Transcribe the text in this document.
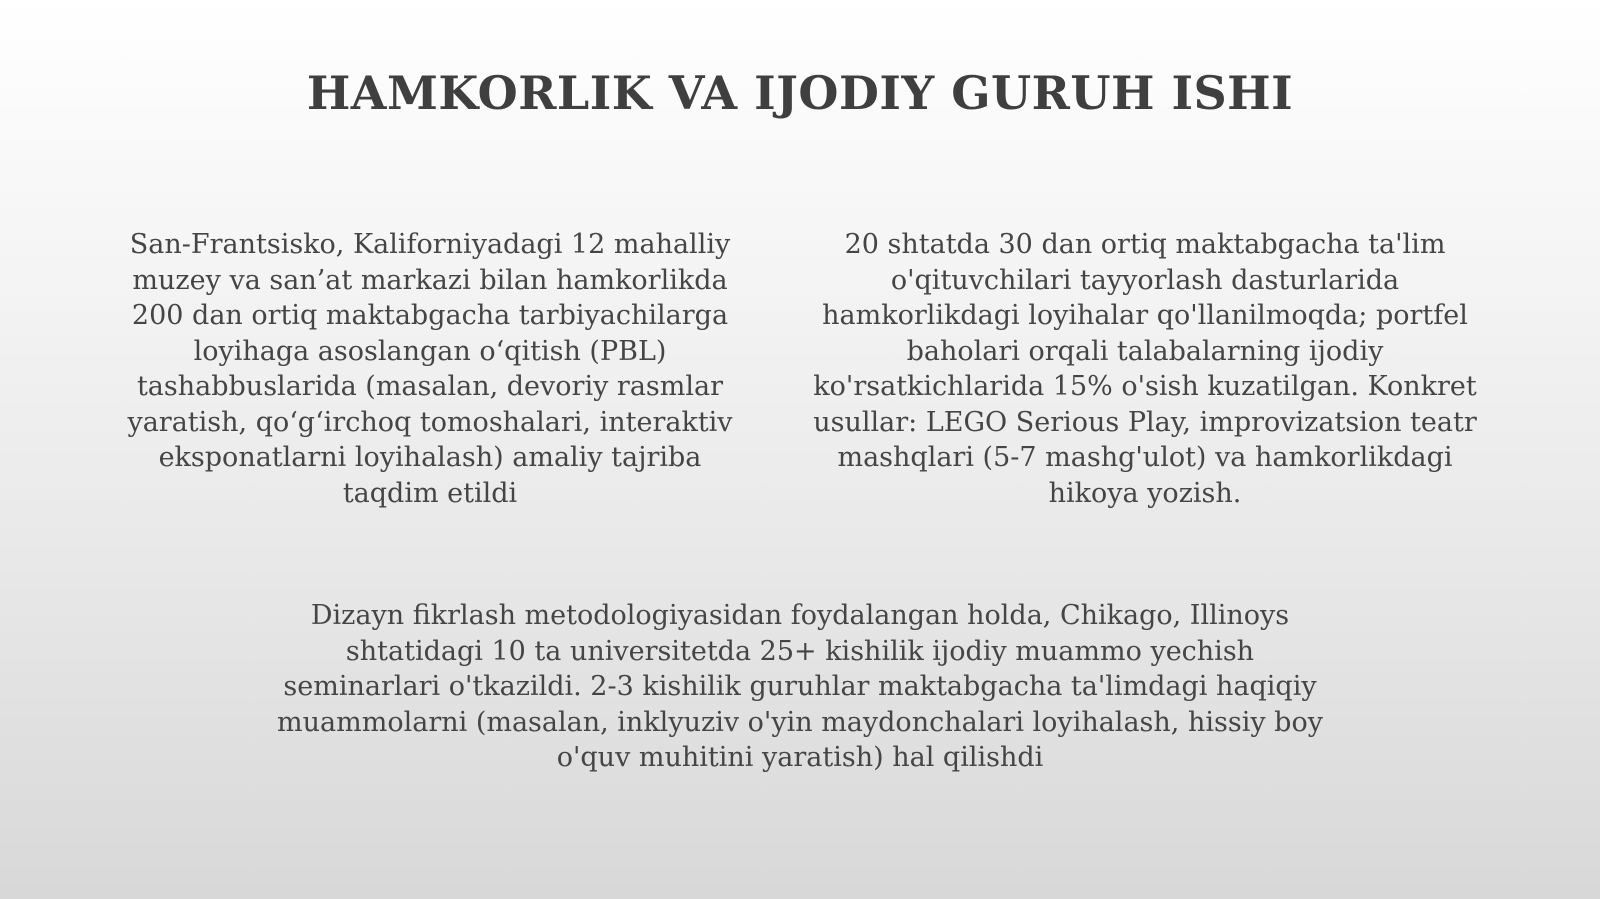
HAMKORLIK VA IJODIY GURUH ISHI

San-Frantsisko, Kaliforniyadagi 12 mahalliy muzey va san’at markazi bilan hamkorlikda 200 dan ortiq maktabgacha tarbiyachilarga loyihaga asoslangan o‘qitish (PBL) tashabbuslarida (masalan, devoriy rasmlar yaratish, qo‘g‘irchoq tomoshalari, interaktiv eksponatlarni loyihalash) amaliy tajriba taqdim etildi

20 shtatda 30 dan ortiq maktabgacha ta'lim o'qituvchilari tayyorlash dasturlarida hamkorlikdagi loyihalar qo'llanilmoqda; portfel baholari orqali talabalarning ijodiy ko'rsatkichlarida 15% o'sish kuzatilgan. Konkret usullar: LEGO Serious Play, improvizatsion teatr mashqlari (5-7 mashg'ulot) va hamkorlikdagi hikoya yozish.

Dizayn fikrlash metodologiyasidan foydalangan holda, Chikago, Illinoys shtatidagi 10 ta universitetda 25+ kishilik ijodiy muammo yechish seminarlari o'tkazildi. 2-3 kishilik guruhlar maktabgacha ta'limdagi haqiqiy muammolarni (masalan, inklyuziv o'yin maydonchalari loyihalash, hissiy boy o'quv muhitini yaratish) hal qilishdi
